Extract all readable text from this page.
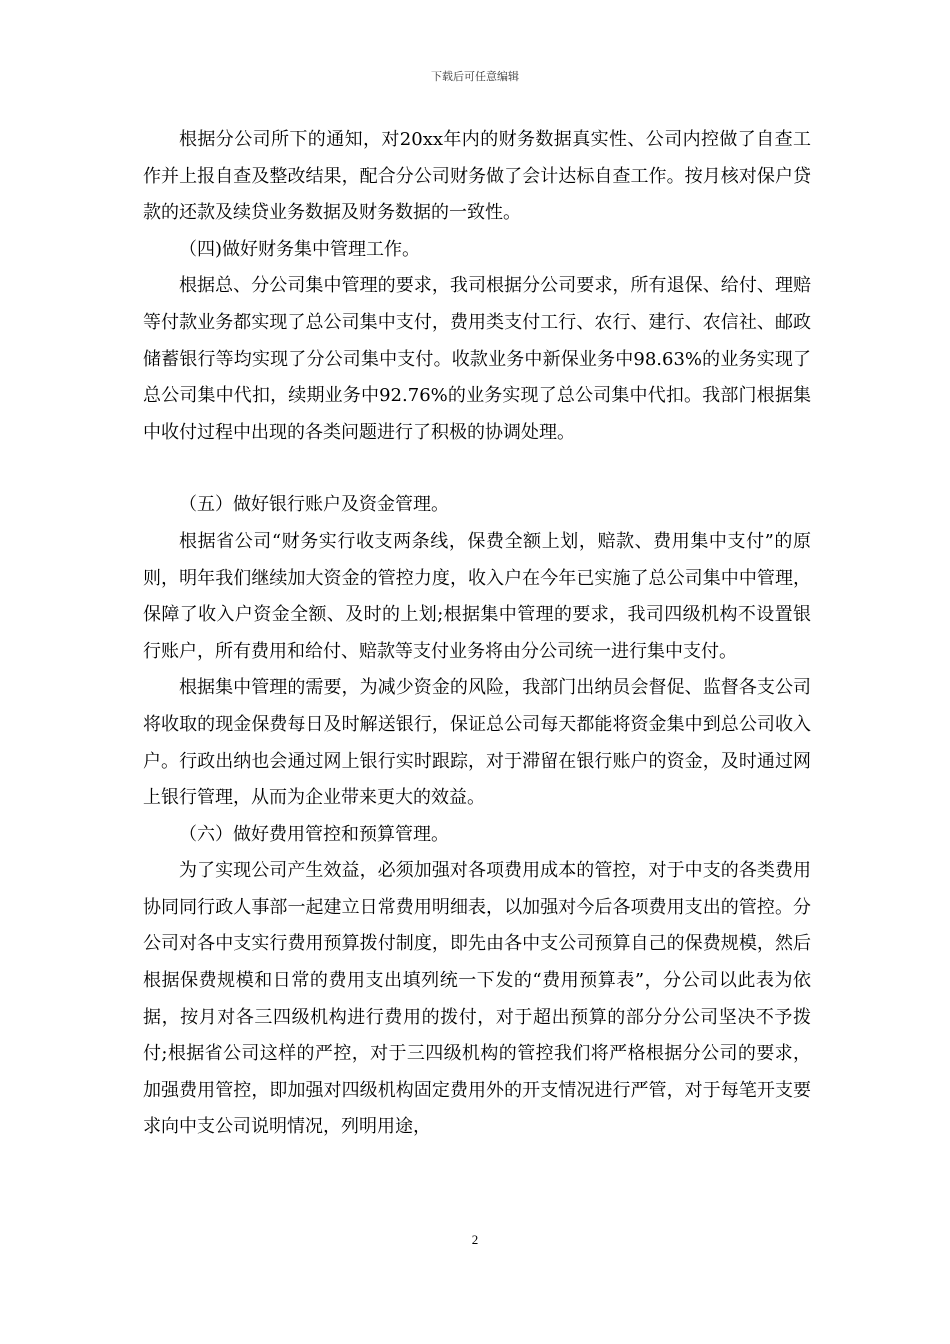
下载后可任意编辑

根据分公司所下的通知，对20xx年内的财务数据真实性、公司内控做了自查工作并上报自查及整改结果，配合分公司财务做了会计达标自查工作。按月核对保户贷款的还款及续贷业务数据及财务数据的一致性。

（四)做好财务集中管理工作。

根据总、分公司集中管理的要求，我司根据分公司要求，所有退保、给付、理赔等付款业务都实现了总公司集中支付，费用类支付工行、农行、建行、农信社、邮政储蓄银行等均实现了分公司集中支付。收款业务中新保业务中98.63%的业务实现了总公司集中代扣，续期业务中92.76%的业务实现了总公司集中代扣。我部门根据集中收付过程中出现的各类问题进行了积极的协调处理。

（五）做好银行账户及资金管理。

根据省公司“财务实行收支两条线，保费全额上划，赔款、费用集中支付”的原则，明年我们继续加大资金的管控力度，收入户在今年已实施了总公司集中中管理，保障了收入户资金全额、及时的上划;根据集中管理的要求，我司四级机构不设置银行账户，所有费用和给付、赔款等支付业务将由分公司统一进行集中支付。

根据集中管理的需要，为减少资金的风险，我部门出纳员会督促、监督各支公司将收取的现金保费每日及时解送银行，保证总公司每天都能将资金集中到总公司收入户。行政出纳也会通过网上银行实时跟踪，对于滞留在银行账户的资金，及时通过网上银行管理，从而为企业带来更大的效益。

（六）做好费用管控和预算管理。

为了实现公司产生效益，必须加强对各项费用成本的管控，对于中支的各类费用协同同行政人事部一起建立日常费用明细表，以加强对今后各项费用支出的管控。分公司对各中支实行费用预算拨付制度，即先由各中支公司预算自己的保费规模，然后根据保费规模和日常的费用支出填列统一下发的“费用预算表”，分公司以此表为依据，按月对各三四级机构进行费用的拨付，对于超出预算的部分分公司坚决不予拨付;根据省公司这样的严控，对于三四级机构的管控我们将严格根据分公司的要求，加强费用管控，即加强对四级机构固定费用外的开支情况进行严管，对于每笔开支要求向中支公司说明情况，列明用途，

2
